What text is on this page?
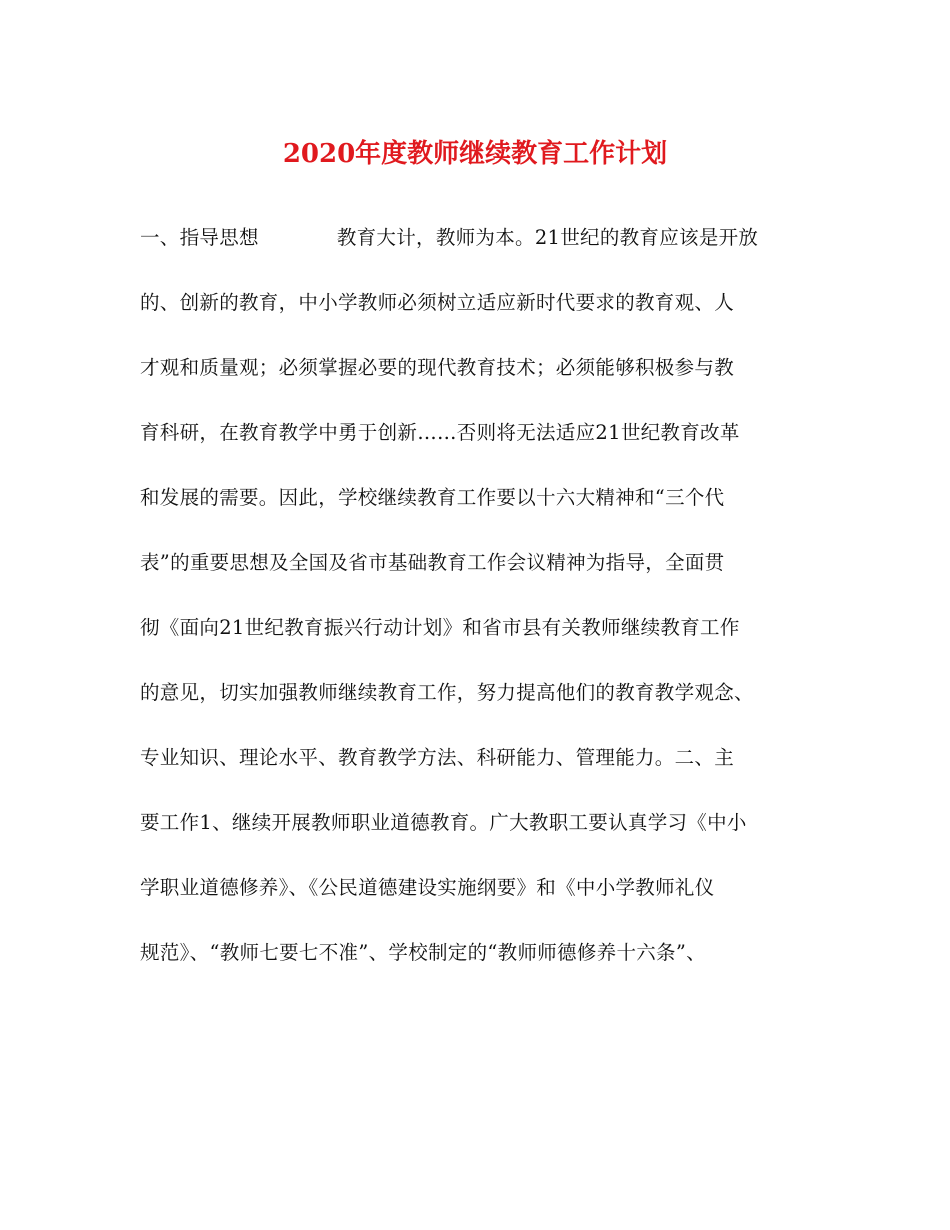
2020年度教师继续教育工作计划
一、指导思想	教育大计，教师为本。21世纪的教育应该是开放
的、创新的教育，中小学教师必须树立适应新时代要求的教育观、人
才观和质量观；必须掌握必要的现代教育技术；必须能够积极参与教
育科研，在教育教学中勇于创新……否则将无法适应21世纪教育改革
和发展的需要。因此，学校继续教育工作要以十六大精神和“三个代
表”的重要思想及全国及省市基础教育工作会议精神为指导，全面贯
彻《面向21世纪教育振兴行动计划》和省市县有关教师继续教育工作
的意见，切实加强教师继续教育工作，努力提高他们的教育教学观念、
专业知识、理论水平、教育教学方法、科研能力、管理能力。二、主
要工作1、继续开展教师职业道德教育。广大教职工要认真学习《中小
学职业道德修养》、《公民道德建设实施纲要》和《中小学教师礼仪
规范》、“教师七要七不准”、学校制定的“教师师德修养十六条”、
